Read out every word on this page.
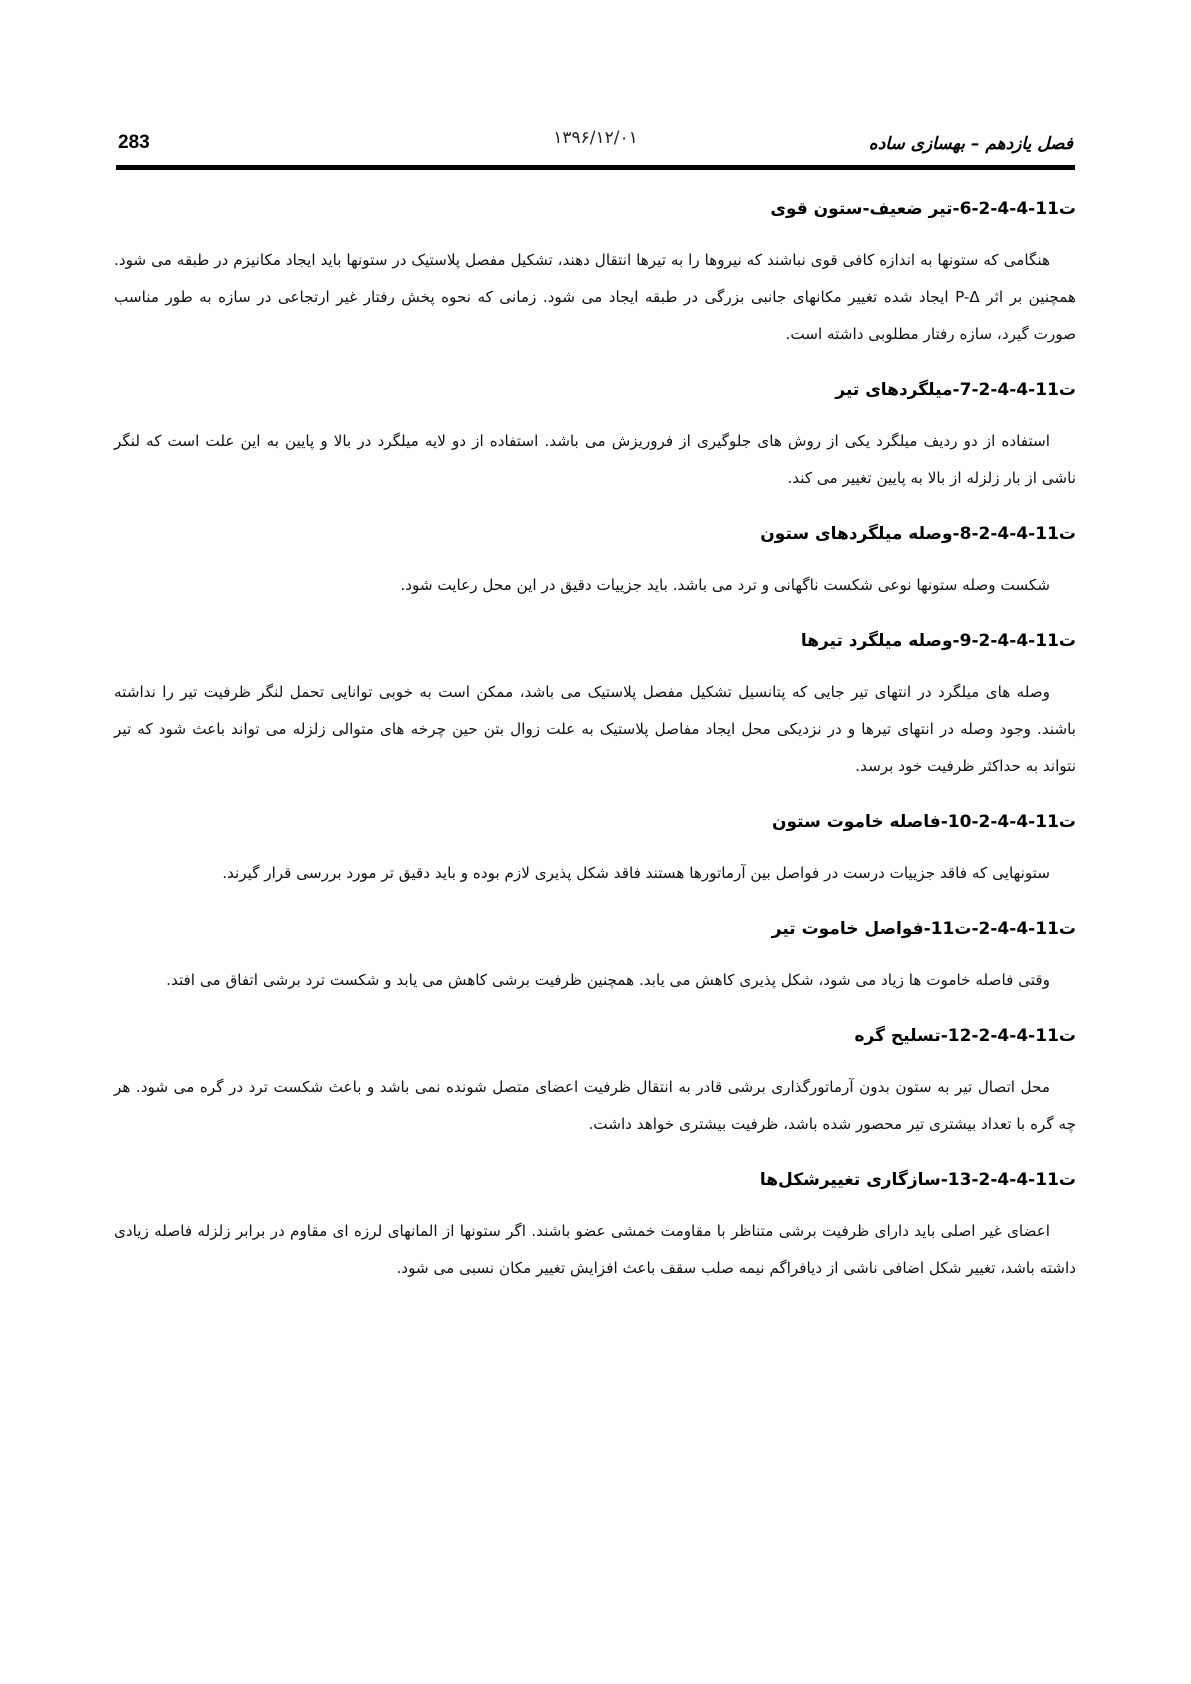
283	۱۳۹۶/۱۲/۰۱	فصل یازدهم – بهسازی ساده
ت11-4-4-2-6-تیر ضعیف-ستون قوی

هنگامی که ستونها به اندازه کافی قوی نباشند که نیروها را به تیرها انتقال دهند، تشکیل مفصل پلاستیک در ستونها باید ایجاد مکانیزم در طبقه می شود. همچنین بر اثر P-Δ ایجاد شده تغییر مکانهای جانبی بزرگی در طبقه ایجاد می شود. زمانی که نحوه پخش رفتار غیر ارتجاعی در سازه به طور مناسب صورت گیرد، سازه رفتار مطلوبی داشته است.

ت11-4-4-2-7-میلگردهای تیر

استفاده از دو ردیف میلگرد یکی از روش های جلوگیری از فروریزش می باشد. استفاده از دو لایه میلگرد در بالا و پایین به این علت است که لنگر ناشی از بار زلزله از بالا به پایین تغییر می کند.

ت11-4-4-2-8-وصله میلگردهای ستون

شکست وصله ستونها نوعی شکست ناگهانی و ترد می باشد. باید جزییات دقیق در این محل رعایت شود.

ت11-4-4-2-9-وصله میلگرد تیرها

وصله های میلگرد در انتهای تیر جایی که پتانسیل تشکیل مفصل پلاستیک می باشد، ممکن است به خوبی توانایی تحمل لنگر ظرفیت تیر را نداشته باشند. وجود وصله در انتهای تیرها و در نزدیکی محل ایجاد مفاصل پلاستیک به علت زوال بتن حین چرخه های متوالی زلزله می تواند باعث شود که تیر نتواند به حداکثر ظرفیت خود برسد.

ت11-4-4-2-10-فاصله خاموت ستون

ستونهایی که فاقد جزییات درست در فواصل بین آرماتورها هستند فاقد شکل پذیری لازم بوده و باید دقیق تر مورد بررسی قرار گیرند.

ت11-4-4-2-ت11-فواصل خاموت تیر

وقتی فاصله خاموت ها زیاد می شود، شکل پذیری کاهش می یابد. همچنین ظرفیت برشی کاهش می یابد و شکست ترد برشی اتفاق می افتد.

ت11-4-4-2-12-تسلیح گره

محل اتصال تیر به ستون بدون آرماتورگذاری برشی قادر به انتقال ظرفیت اعضای متصل شونده نمی باشد و باعث شکست ترد در گره می شود. هر چه گره با تعداد بیشتری تیر محصور شده باشد، ظرفیت بیشتری خواهد داشت.

ت11-4-4-2-13-سازگاری تغییرشکل‌ها

اعضای غیر اصلی باید دارای ظرفیت برشی متناظر با مقاومت خمشی عضو باشند. اگر ستونها از المانهای لرزه ای مقاوم در برابر زلزله فاصله زیادی داشته باشد، تغییر شکل اضافی ناشی از دیافراگم نیمه صلب سقف باعث افزایش تغییر مکان نسبی می شود.
